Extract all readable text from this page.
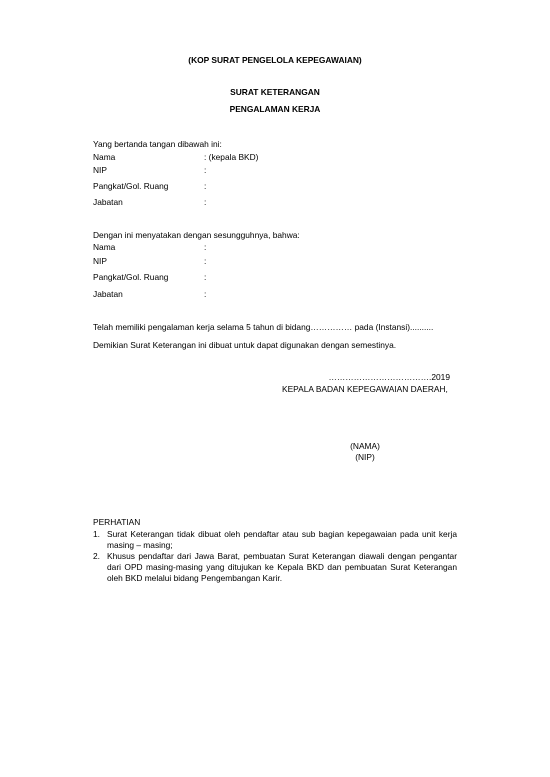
(KOP SURAT PENGELOLA KEPEGAWAIAN)
SURAT KETERANGAN
PENGALAMAN KERJA
Yang bertanda tangan dibawah ini:
Nama	: (kepala BKD)
NIP	:
Pangkat/Gol. Ruang	:
Jabatan	:
Dengan ini menyatakan dengan sesungguhnya, bahwa:
Nama	:
NIP	:
Pangkat/Gol. Ruang	:
Jabatan	:
Telah memiliki pengalaman kerja selama 5 tahun di bidang…………… pada (Instansi)..........
Demikian Surat Keterangan ini dibuat untuk dapat digunakan dengan semestinya.
……………………………….2019
KEPALA BADAN KEPEGAWAIAN DAERAH,
(NAMA)
(NIP)
PERHATIAN
1. Surat Keterangan tidak dibuat oleh pendaftar atau sub bagian kepegawaian pada unit kerja masing – masing;
2. Khusus pendaftar dari Jawa Barat, pembuatan Surat Keterangan diawali dengan pengantar dari OPD masing-masing yang ditujukan ke Kepala BKD dan pembuatan Surat Keterangan oleh BKD melalui bidang Pengembangan Karir.
